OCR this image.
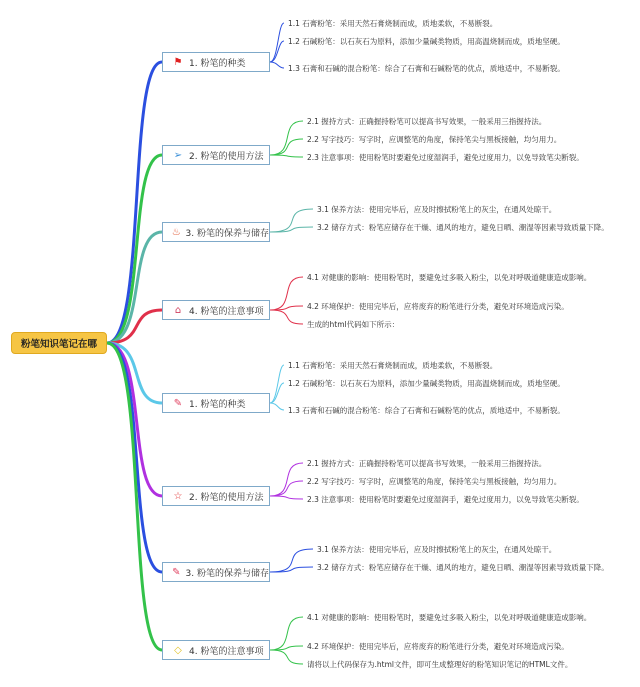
粉笔知识笔记在哪
⚑ 1. 粉笔的种类
1.1 石膏粉笔：采用天然石膏烧制而成，质地柔软，不易断裂。
1.2 石碱粉笔：以石灰石为原料，添加少量碱类物质，用高温烧制而成，质地坚硬。
1.3 石膏和石碱的混合粉笔：综合了石膏和石碱粉笔的优点，质地适中，不易断裂。
➢ 2. 粉笔的使用方法
2.1 握持方式：正确握持粉笔可以提高书写效果，一般采用三指握持法。
2.2 写字技巧：写字时，应调整笔的角度，保持笔尖与黑板接触，均匀用力。
2.3 注意事项：使用粉笔时要避免过度湿润手，避免过度用力，以免导致笔尖断裂。
♨ 3. 粉笔的保养与储存
3.1 保养方法：使用完毕后，应及时擦拭粉笔上的灰尘，在通风处晾干。
3.2 储存方式：粉笔应储存在干燥、通风的地方，避免日晒、潮湿等因素导致质量下降。
⌂ 4. 粉笔的注意事项
4.1 对健康的影响：使用粉笔时，要避免过多吸入粉尘，以免对呼吸道健康造成影响。
4.2 环境保护：使用完毕后，应将废弃的粉笔进行分类，避免对环境造成污染。
生成的html代码如下所示：
✎ 1. 粉笔的种类
1.1 石膏粉笔：采用天然石膏烧制而成，质地柔软，不易断裂。
1.2 石碱粉笔：以石灰石为原料，添加少量碱类物质，用高温烧制而成，质地坚硬。
1.3 石膏和石碱的混合粉笔：综合了石膏和石碱粉笔的优点，质地适中，不易断裂。
☆ 2. 粉笔的使用方法
2.1 握持方式：正确握持粉笔可以提高书写效果，一般采用三指握持法。
2.2 写字技巧：写字时，应调整笔的角度，保持笔尖与黑板接触，均匀用力。
2.3 注意事项：使用粉笔时要避免过度湿润手，避免过度用力，以免导致笔尖断裂。
✎ 3. 粉笔的保养与储存
3.1 保养方法：使用完毕后，应及时擦拭粉笔上的灰尘，在通风处晾干。
3.2 储存方式：粉笔应储存在干燥、通风的地方，避免日晒、潮湿等因素导致质量下降。
◇ 4. 粉笔的注意事项
4.1 对健康的影响：使用粉笔时，要避免过多吸入粉尘，以免对呼吸道健康造成影响。
4.2 环境保护：使用完毕后，应将废弃的粉笔进行分类，避免对环境造成污染。
请将以上代码保存为.html文件，即可生成整理好的粉笔知识笔记的HTML文件。
